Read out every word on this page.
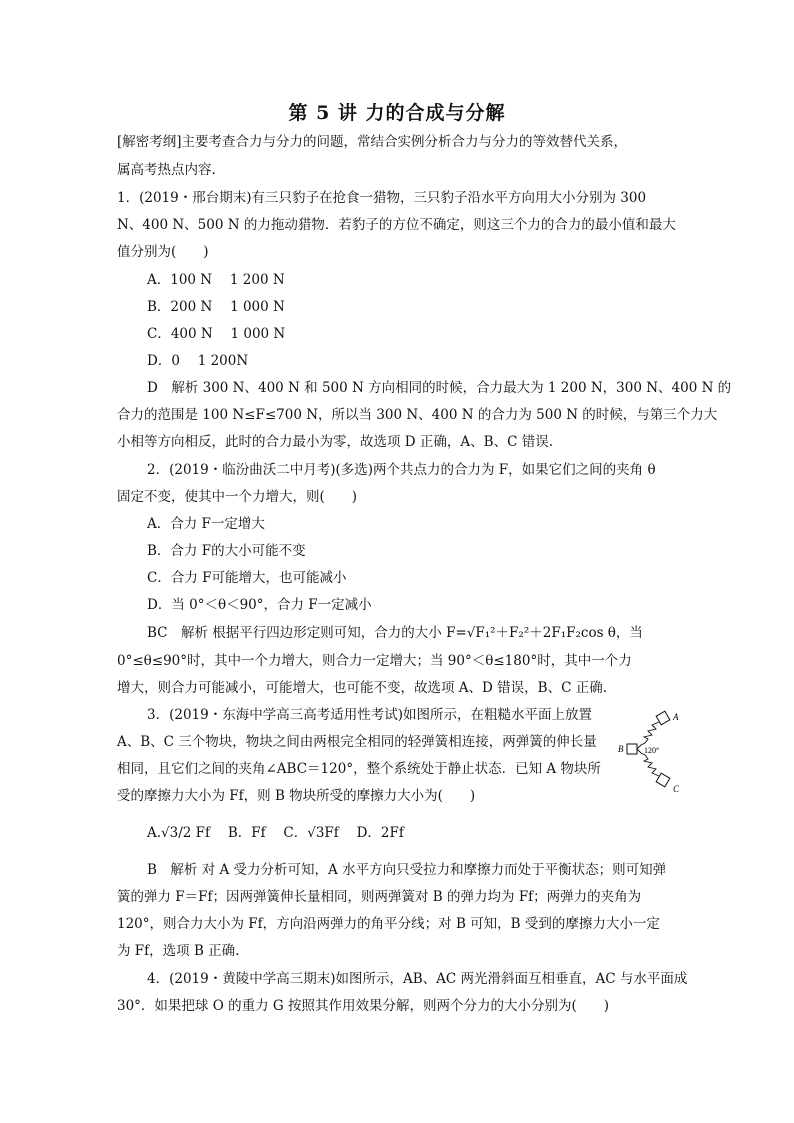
第 5 讲 力的合成与分解
[解密考纲]主要考查合力与分力的问题，常结合实例分析合力与分力的等效替代关系，
属高考热点内容.
1．(2019・邢台期末)有三只豹子在抢食一猎物，三只豹子沿水平方向用大小分别为 300
N、400 N、500 N 的力拖动猎物．若豹子的方位不确定，则这三个力的合力的最小值和最大
值分别为(　　)
A．100 N　 1 200 N
B．200 N　 1 000 N
C．400 N　 1 000 N
D．0　 1 200N
D　解析 300 N、400 N 和 500 N 方向相同的时候，合力最大为 1 200 N，300 N、400 N 的
合力的范围是 100 N≤F≤700 N，所以当 300 N、400 N 的合力为 500 N 的时候，与第三个力大
小相等方向相反，此时的合力最小为零，故选项 D 正确，A、B、C 错误.
2．(2019・临汾曲沃二中月考)(多选)两个共点力的合力为 F，如果它们之间的夹角 θ
固定不变，使其中一个力增大，则(　　)
A．合力 F一定增大
B．合力 F的大小可能不变
C．合力 F可能增大，也可能减小
D．当 0°＜θ＜90°，合力 F一定减小
BC　解析 根据平行四边形定则可知，合力的大小 F=√F₁²＋F₂²＋2F₁F₂cos θ，当
0°≤θ≤90°时，其中一个力增大，则合力一定增大；当 90°＜θ≤180°时，其中一个力
增大，则合力可能减小，可能增大，也可能不变，故选项 A、D 错误，B、C 正确.
3．(2019・东海中学高三高考适用性考试)如图所示，在粗糙水平面上放置
A、B、C 三个物块，物块之间由两根完全相同的轻弹簧相连接，两弹簧的伸长量
相同，且它们之间的夹角∠ABC＝120°，整个系统处于静止状态．已知 A 物块所
受的摩擦力大小为 Ff，则 B 物块所受的摩擦力大小为(　　)
A.√3/2 Ff　 B．Ff　 C．√3Ff　 D．2Ff
A
B
C
120°
B　解析 对 A 受力分析可知，A 水平方向只受拉力和摩擦力而处于平衡状态；则可知弹
簧的弹力 F＝Ff；因两弹簧伸长量相同，则两弹簧对 B 的弹力均为 Ff；两弹力的夹角为
120°，则合力大小为 Ff，方向沿两弹力的角平分线；对 B 可知，B 受到的摩擦力大小一定
为 Ff，选项 B 正确.
4．(2019・黄陵中学高三期末)如图所示，AB、AC 两光滑斜面互相垂直，AC 与水平面成
30°．如果把球 O 的重力 G 按照其作用效果分解，则两个分力的大小分别为(　　)
